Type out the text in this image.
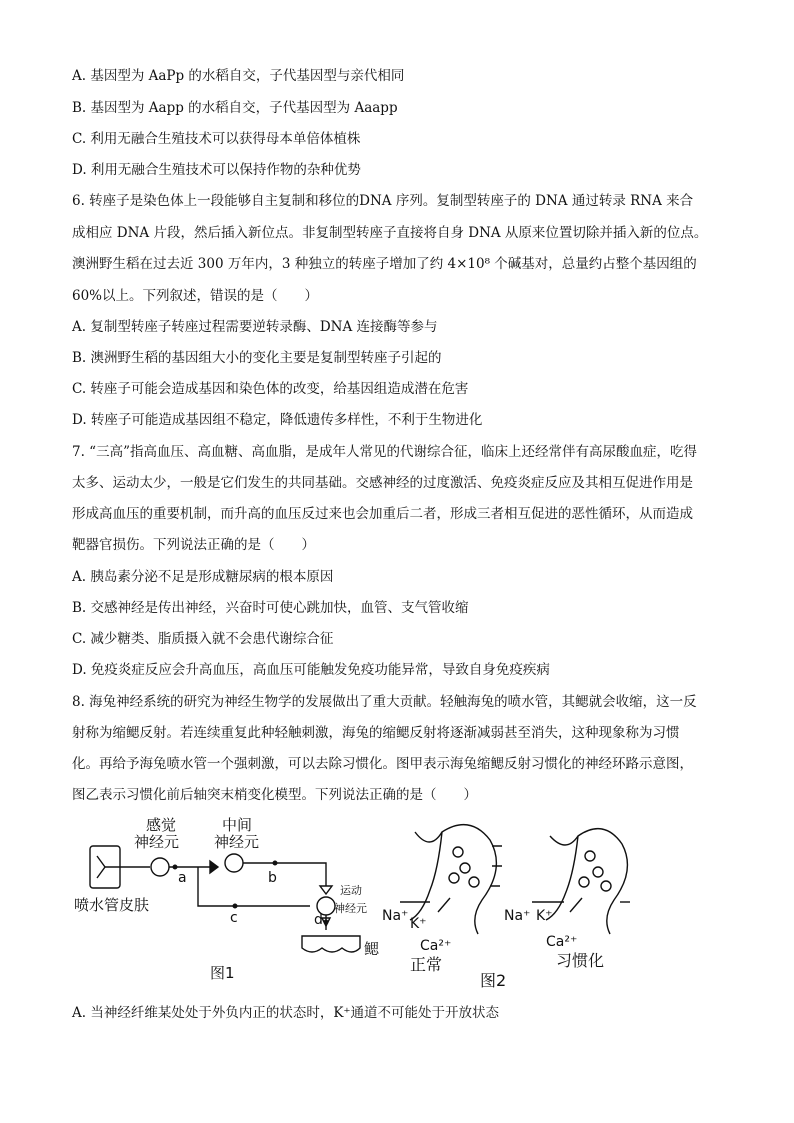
A. 基因型为 AaPp 的水稻自交，子代基因型与亲代相同
B. 基因型为 Aapp 的水稻自交，子代基因型为 Aaapp
C. 利用无融合生殖技术可以获得母本单倍体植株
D. 利用无融合生殖技术可以保持作物的杂种优势
6. 转座子是染色体上一段能够自主复制和移位的DNA 序列。复制型转座子的 DNA 通过转录 RNA 来合
成相应 DNA 片段，然后插入新位点。非复制型转座子直接将自身 DNA 从原来位置切除并插入新的位点。
澳洲野生稻在过去近 300 万年内，3 种独立的转座子增加了约 4×10⁸ 个碱基对，总量约占整个基因组的
60%以上。下列叙述，错误的是（　　）
A. 复制型转座子转座过程需要逆转录酶、DNA 连接酶等参与
B. 澳洲野生稻的基因组大小的变化主要是复制型转座子引起的
C. 转座子可能会造成基因和染色体的改变，给基因组造成潜在危害
D. 转座子可能造成基因组不稳定，降低遗传多样性，不利于生物进化
7. “三高”指高血压、高血糖、高血脂，是成年人常见的代谢综合征，临床上还经常伴有高尿酸血症，吃得
太多、运动太少，一般是它们发生的共同基础。交感神经的过度激活、免疫炎症反应及其相互促进作用是
形成高血压的重要机制，而升高的血压反过来也会加重后二者，形成三者相互促进的恶性循环，从而造成
靶器官损伤。下列说法正确的是（　　）
A. 胰岛素分泌不足是形成糖尿病的根本原因
B. 交感神经是传出神经，兴奋时可使心跳加快，血管、支气管收缩
C. 减少糖类、脂质摄入就不会患代谢综合征
D. 免疫炎症反应会升高血压，高血压可能触发免疫功能异常，导致自身免疫疾病
8. 海兔神经系统的研究为神经生物学的发展做出了重大贡献。轻触海兔的喷水管，其鳃就会收缩，这一反
射称为缩鳃反射。若连续重复此种轻触刺激，海兔的缩鳃反射将逐渐减弱甚至消失，这种现象称为习惯
化。再给予海兔喷水管一个强刺激，可以去除习惯化。图甲表示海兔缩鳃反射习惯化的神经环路示意图，
图乙表示习惯化前后轴突末梢变化模型。下列说法正确的是（　　）
感觉
神经元
中间
神经元
运动
神经元
喷水管皮肤
鳃
a	b
c	d
图1
Na⁺ K⁺
Ca²⁺
正常
Na⁺ K⁺
Ca²⁺
习惯化
图2
A. 当神经纤维某处处于外负内正的状态时，K⁺通道不可能处于开放状态
